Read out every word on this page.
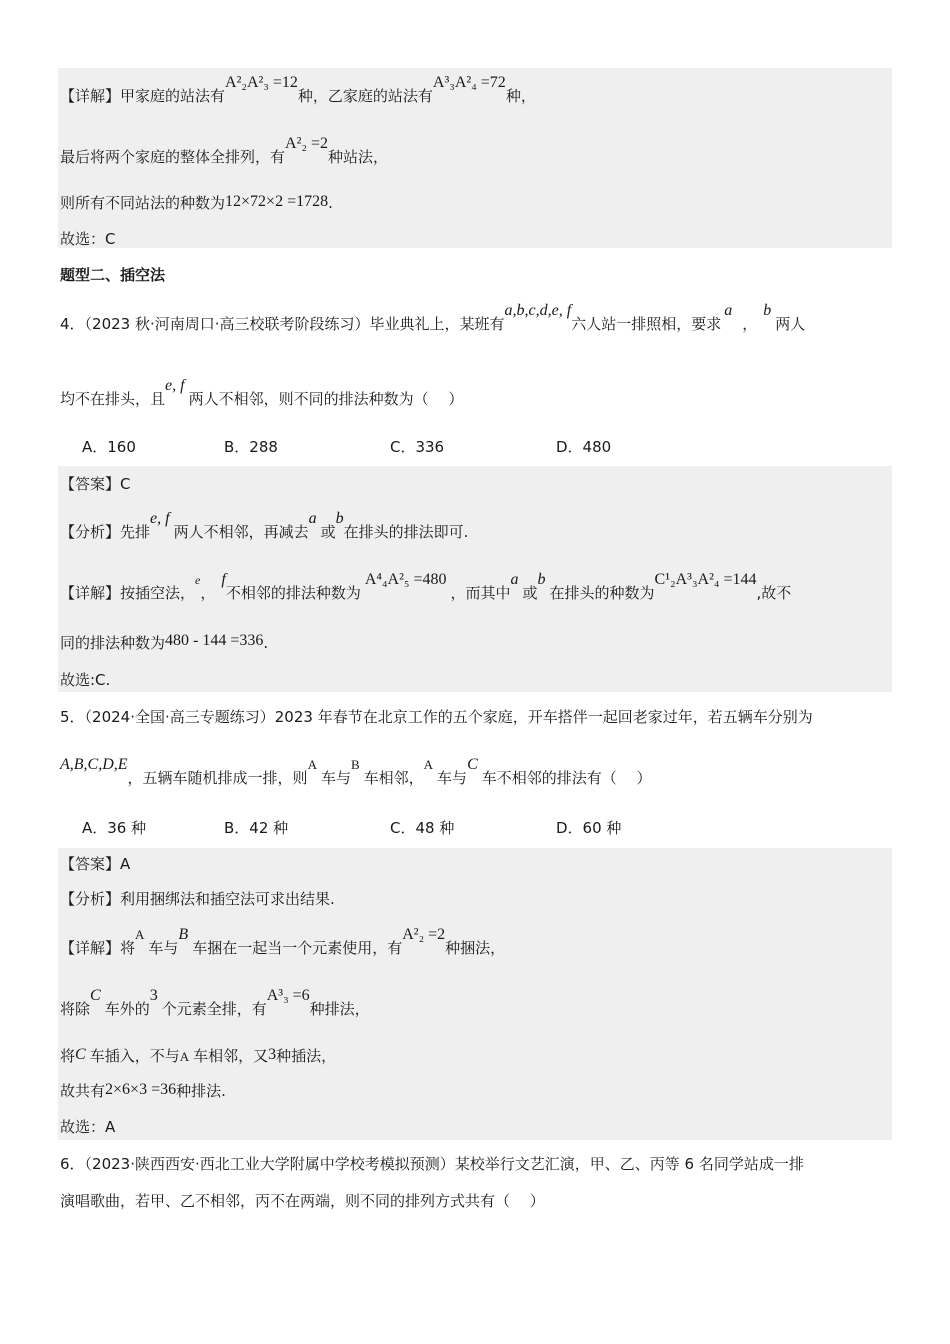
【详解】甲家庭的站法有A²₂A²₃ =12种，乙家庭的站法有A³₃A²₄ =72种，
最后将两个家庭的整体全排列，有A²₂ =2种站法，
则所有不同站法的种数为12×72×2 =1728.
故选：C
题型二、插空法
4．（2023 秋·河南周口·高三校联考阶段练习）毕业典礼上，某班有a,b,c,d,e, f六人站一排照相，要求a，b两人
均不在排头，且e, f两人不相邻，则不同的排法种数为（　 ）
A．160	B．288	C．336	D．480
【答案】C
【分析】先排e, f两人不相邻，再减去a或b在排头的排法即可.
【详解】按插空法，$^e$，f不相邻的排法种数为A⁴₄A²₅ =480，而其中a或b在排头的种数为C¹₂A³₃A²₄ =144,故不
同的排法种数为480 - 144 =336.
故选:C.
5．（2024·全国·高三专题练习）2023 年春节在北京工作的五个家庭，开车搭伴一起回老家过年，若五辆车分别为
A,B,C,D,E，五辆车随机排成一排，则A车与B车相邻，A车与C车不相邻的排法有（　 ）
A．36 种	B．42 种	C．48 种	D．60 种
【答案】A
【分析】利用捆绑法和插空法可求出结果.
【详解】将A车与B车捆在一起当一个元素使用，有A²₂ =2种捆法，
将除C车外的3个元素全排，有A³₃ =6种排法，
将C 车插入，不与A 车相邻，又3种插法，
故共有2×6×3 =36种排法.
故选：A
6．（2023·陕西西安·西北工业大学附属中学校考模拟预测）某校举行文艺汇演，甲、乙、丙等 6 名同学站成一排
演唱歌曲，若甲、乙不相邻，丙不在两端，则不同的排列方式共有（　 ）
